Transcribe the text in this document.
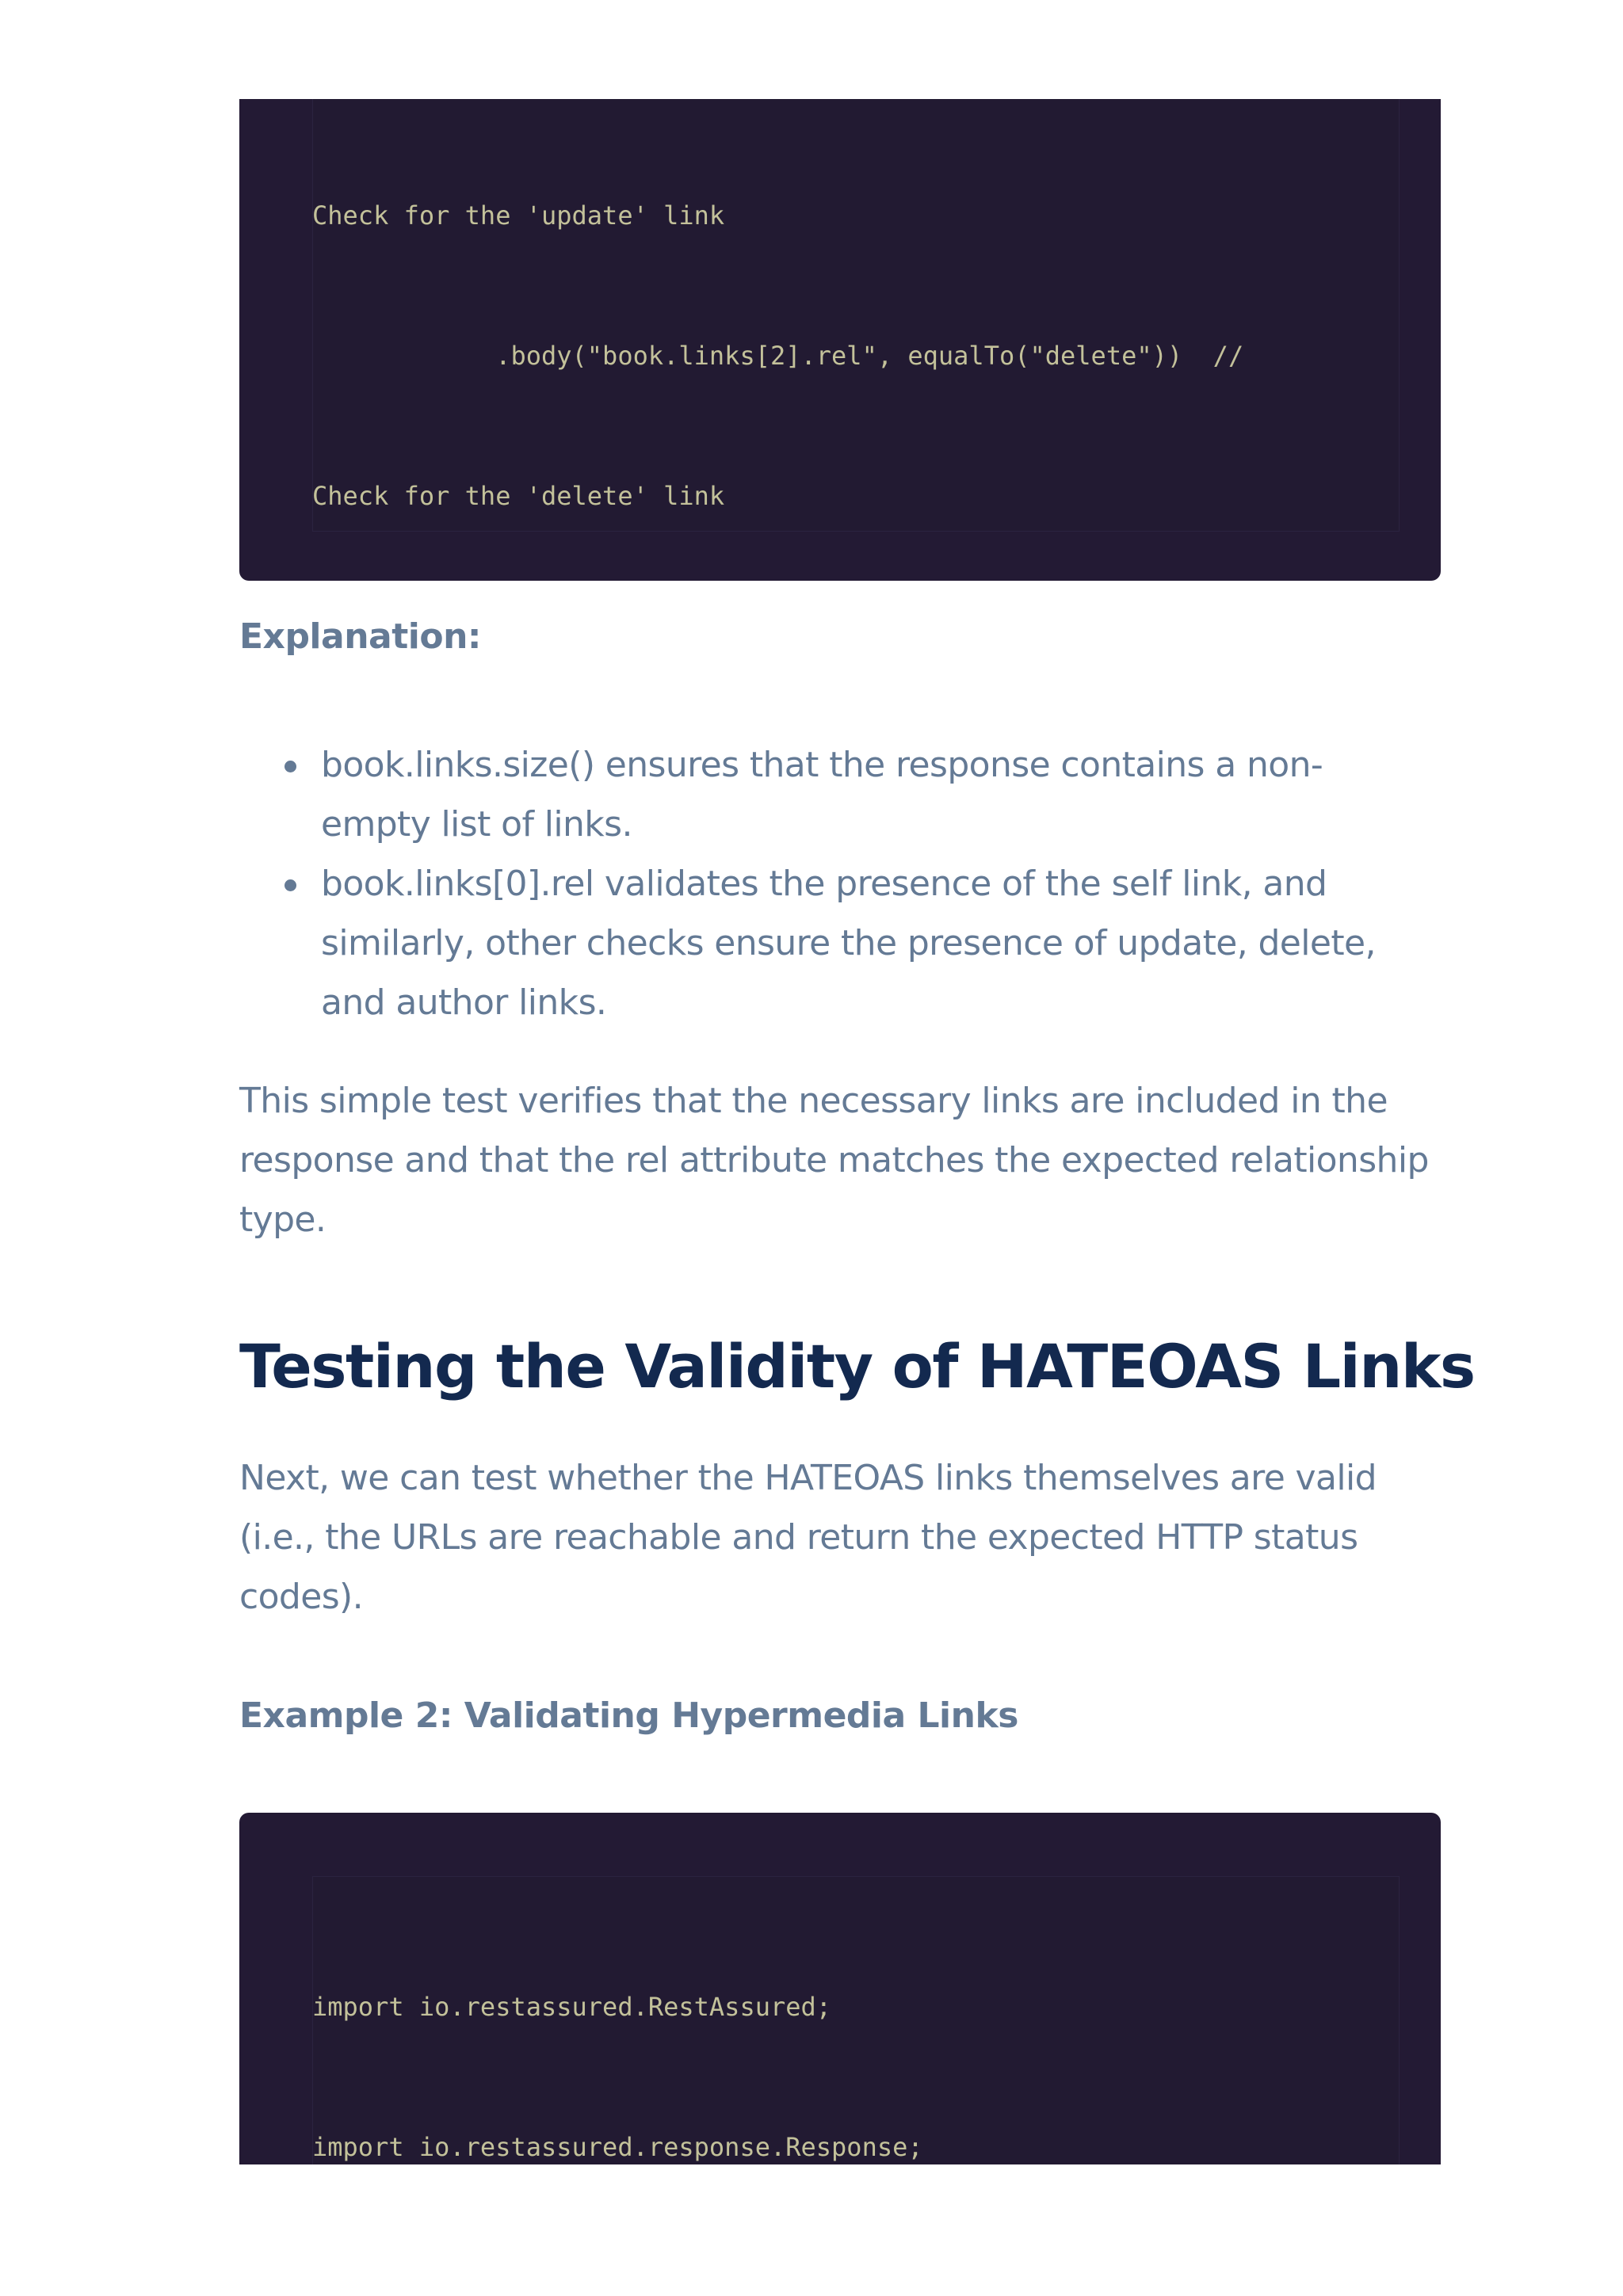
Check for the 'update' link

.body("book.links[2].rel", equalTo("delete"))  //

Check for the 'delete' link

Explanation:
book.links.size() ensures that the response contains a non-empty list of links.
book.links[0].rel validates the presence of the self link, and similarly, other checks ensure the presence of update, delete, and author links.

This simple test verifies that the necessary links are included in the response and that the rel attribute matches the expected relationship type.

Testing the Validity of HATEOAS Links

Next, we can test whether the HATEOAS links themselves are valid (i.e., the URLs are reachable and return the expected HTTP status codes).

Example 2: Validating Hypermedia Links

import io.restassured.RestAssured;

import io.restassured.response.Response;
